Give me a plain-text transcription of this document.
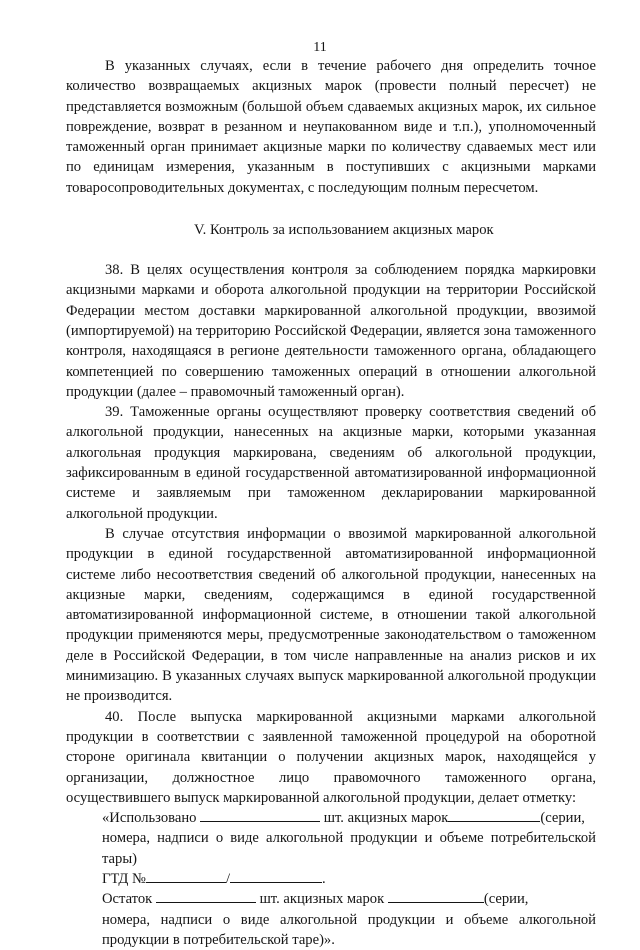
11

В указанных случаях, если в течение рабочего дня определить точное количество возвращаемых акцизных марок (провести полный пересчет) не представляется возможным (большой объем сдаваемых акцизных марок, их сильное повреждение, возврат в резанном и неупакованном виде и т.п.), уполномоченный таможенный орган принимает акцизные марки по количеству сдаваемых мест или по единицам измерения, указанным в поступивших с акцизными марками товаросопроводительных документах, с последующим полным пересчетом.

V. Контроль за использованием акцизных марок

38. В целях осуществления контроля за соблюдением порядка маркировки акцизными марками и оборота алкогольной продукции на территории Российской Федерации местом доставки маркированной алкогольной продукции, ввозимой (импортируемой) на территорию Российской Федерации, является зона таможенного контроля, находящаяся в регионе деятельности таможенного органа, обладающего компетенцией по совершению таможенных операций в отношении алкогольной продукции (далее – правомочный таможенный орган).

39. Таможенные органы осуществляют проверку соответствия сведений об алкогольной продукции, нанесенных на акцизные марки, которыми указанная алкогольная продукция маркирована, сведениям об алкогольной продукции, зафиксированным в единой государственной автоматизированной информационной системе и заявляемым при таможенном декларировании маркированной алкогольной продукции.

В случае отсутствия информации о ввозимой маркированной алкогольной продукции в единой государственной автоматизированной информационной системе либо несоответствия сведений об алкогольной продукции, нанесенных на акцизные марки, сведениям, содержащимся в единой государственной автоматизированной информационной системе, в отношении такой алкогольной продукции применяются меры, предусмотренные законодательством о таможенном деле в Российской Федерации, в том числе направленные на анализ рисков и их минимизацию. В указанных случаях выпуск маркированной алкогольной продукции не производится.

40. После выпуска маркированной акцизными марками алкогольной продукции в соответствии с заявленной таможенной процедурой на оборотной стороне оригинала квитанции о получении акцизных марок, находящейся у организации, должностное лицо правомочного таможенного органа, осуществившего выпуск маркированной алкогольной продукции, делает отметку:

«Использовано	шт. акцизных марок	(серии,

номера, надписи о виде алкогольной продукции и объеме потребительской тары)

ГТД №	/	.

Остаток	шт. акцизных марок	(серии,

номера, надписи о виде алкогольной продукции и объеме алкогольной продукции в потребительской таре)».
